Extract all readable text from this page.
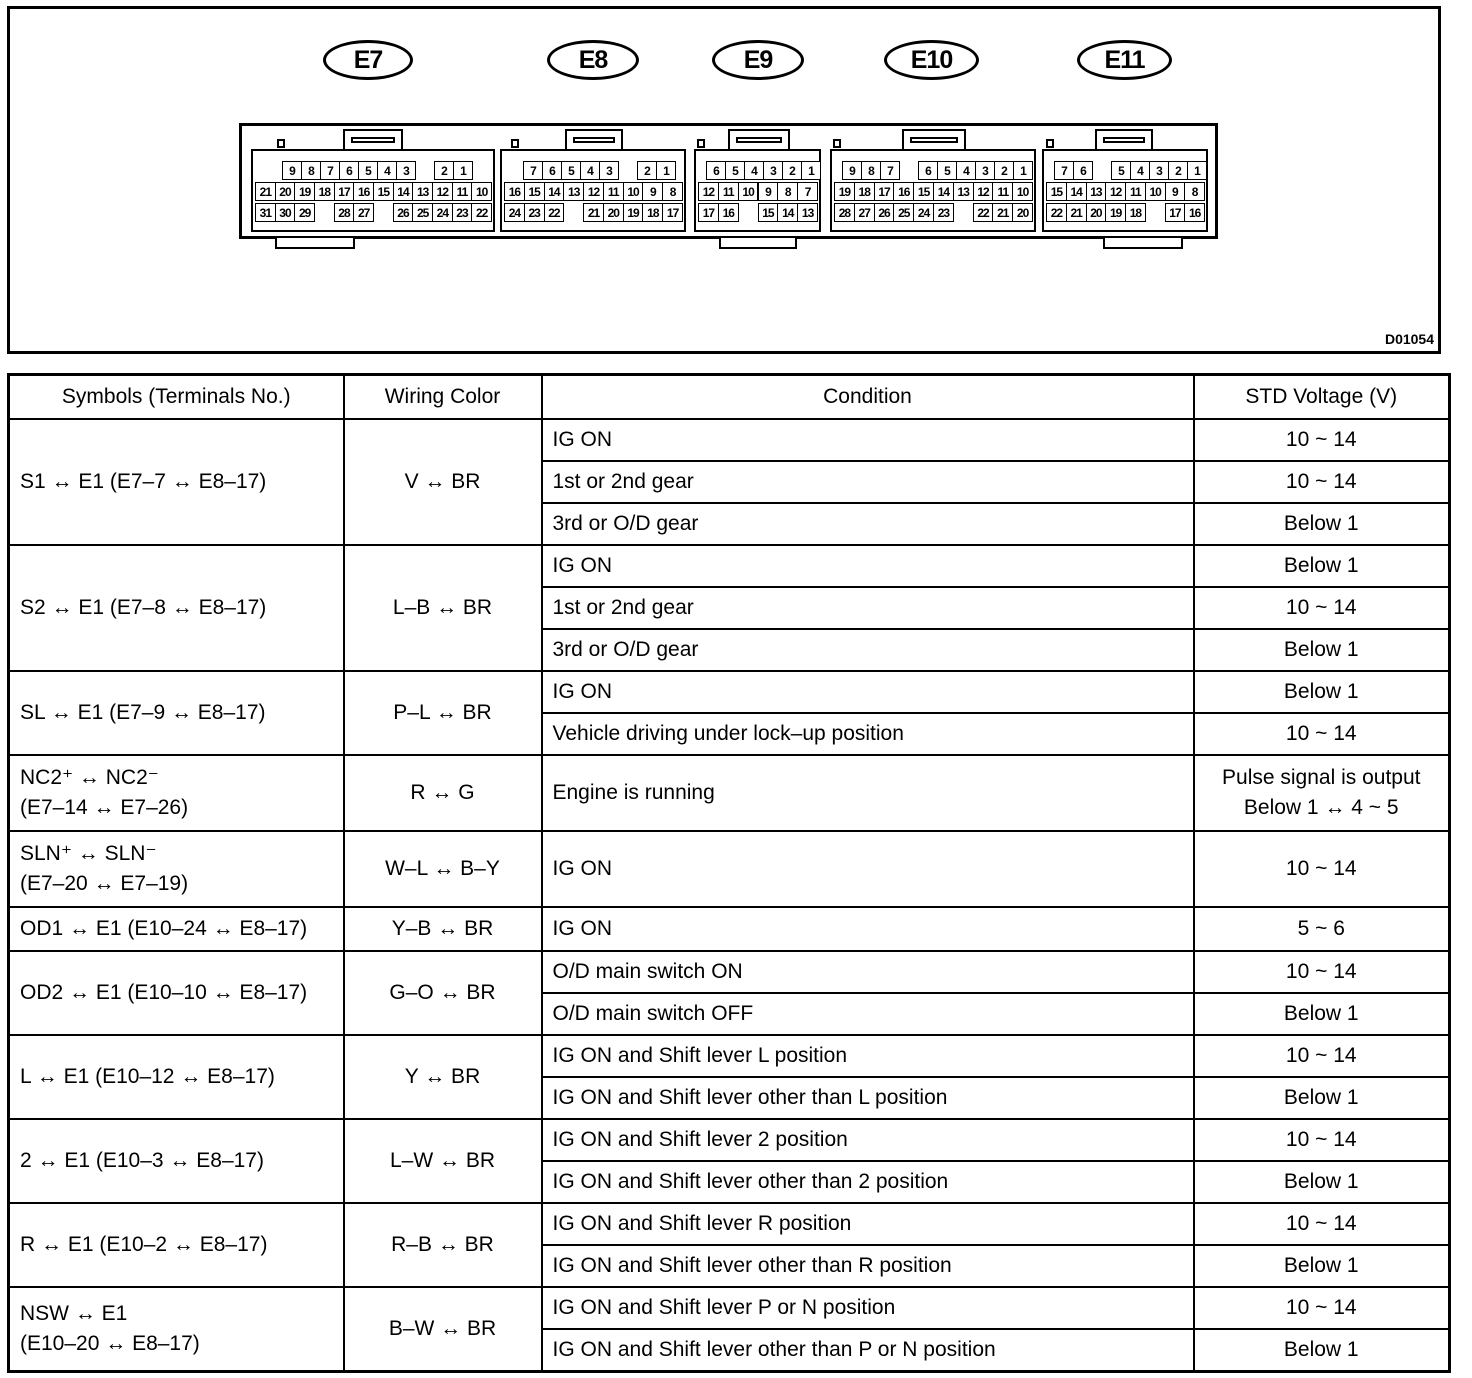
D01054
E7
9	8	7	6	5	4	3	2	1
21 20 19 18 17 16 15 14 13 12 11 10
31 30 29	28 27	26 25 24 23 22
E8
7	6	5	4	3	2	1
16 15 14 13 12 11 10 9	8
24 23 22	21 20 19 18 17
E9
6	5	4	3	2	1
12 11 10 9	8	7
17 16	15 14 13
E10
9	8	7	6	5	4	3	2	1
19 18 17 16 15 14 13 12 11 10
28 27 26 25 24 23	22 21 20
E11
7	6	5	4	3	2	1
15 14 13 12 11 10 9	8
22 21 20 19 18	17 16
Symbols (Terminals No.)	Wiring Color	Condition	STD Voltage (V)

S1 ↔ E1 (E7–7 ↔ E8–17)	V ↔ BR	IG ON	10 ~ 14

		1st or 2nd gear	10 ~ 14

		3rd or O/D gear	Below 1

S2 ↔ E1 (E7–8 ↔ E8–17)	L–B ↔ BR	IG ON	Below 1

		1st or 2nd gear	10 ~ 14

		3rd or O/D gear	Below 1

SL ↔ E1 (E7–9 ↔ E8–17)	P–L ↔ BR	IG ON	Below 1

		Vehicle driving under lock–up position	10 ~ 14

NC2⁺ ↔ NC2⁻
(E7–14 ↔ E7–26)	R ↔ G	Engine is running	Pulse signal is output
Below 1 ↔ 4 ~ 5

SLN⁺ ↔ SLN⁻
(E7–20 ↔ E7–19)	W–L ↔ B–Y	IG ON	10 ~ 14

OD1 ↔ E1 (E10–24 ↔ E8–17)	Y–B ↔ BR	IG ON	5 ~ 6

OD2 ↔ E1 (E10–10 ↔ E8–17)	G–O ↔ BR	O/D main switch ON	10 ~ 14

		O/D main switch OFF	Below 1

L ↔ E1 (E10–12 ↔ E8–17)	Y ↔ BR	IG ON and Shift lever L position	10 ~ 14

		IG ON and Shift lever other than L position	Below 1

2 ↔ E1 (E10–3 ↔ E8–17)	L–W ↔ BR	IG ON and Shift lever 2 position	10 ~ 14

		IG ON and Shift lever other than 2 position	Below 1

R ↔ E1 (E10–2 ↔ E8–17)	R–B ↔ BR	IG ON and Shift lever R position	10 ~ 14

		IG ON and Shift lever other than R position	Below 1

NSW ↔ E1
(E10–20 ↔ E8–17)	B–W ↔ BR	IG ON and Shift lever P or N position	10 ~ 14

		IG ON and Shift lever other than P or N position	Below 1
